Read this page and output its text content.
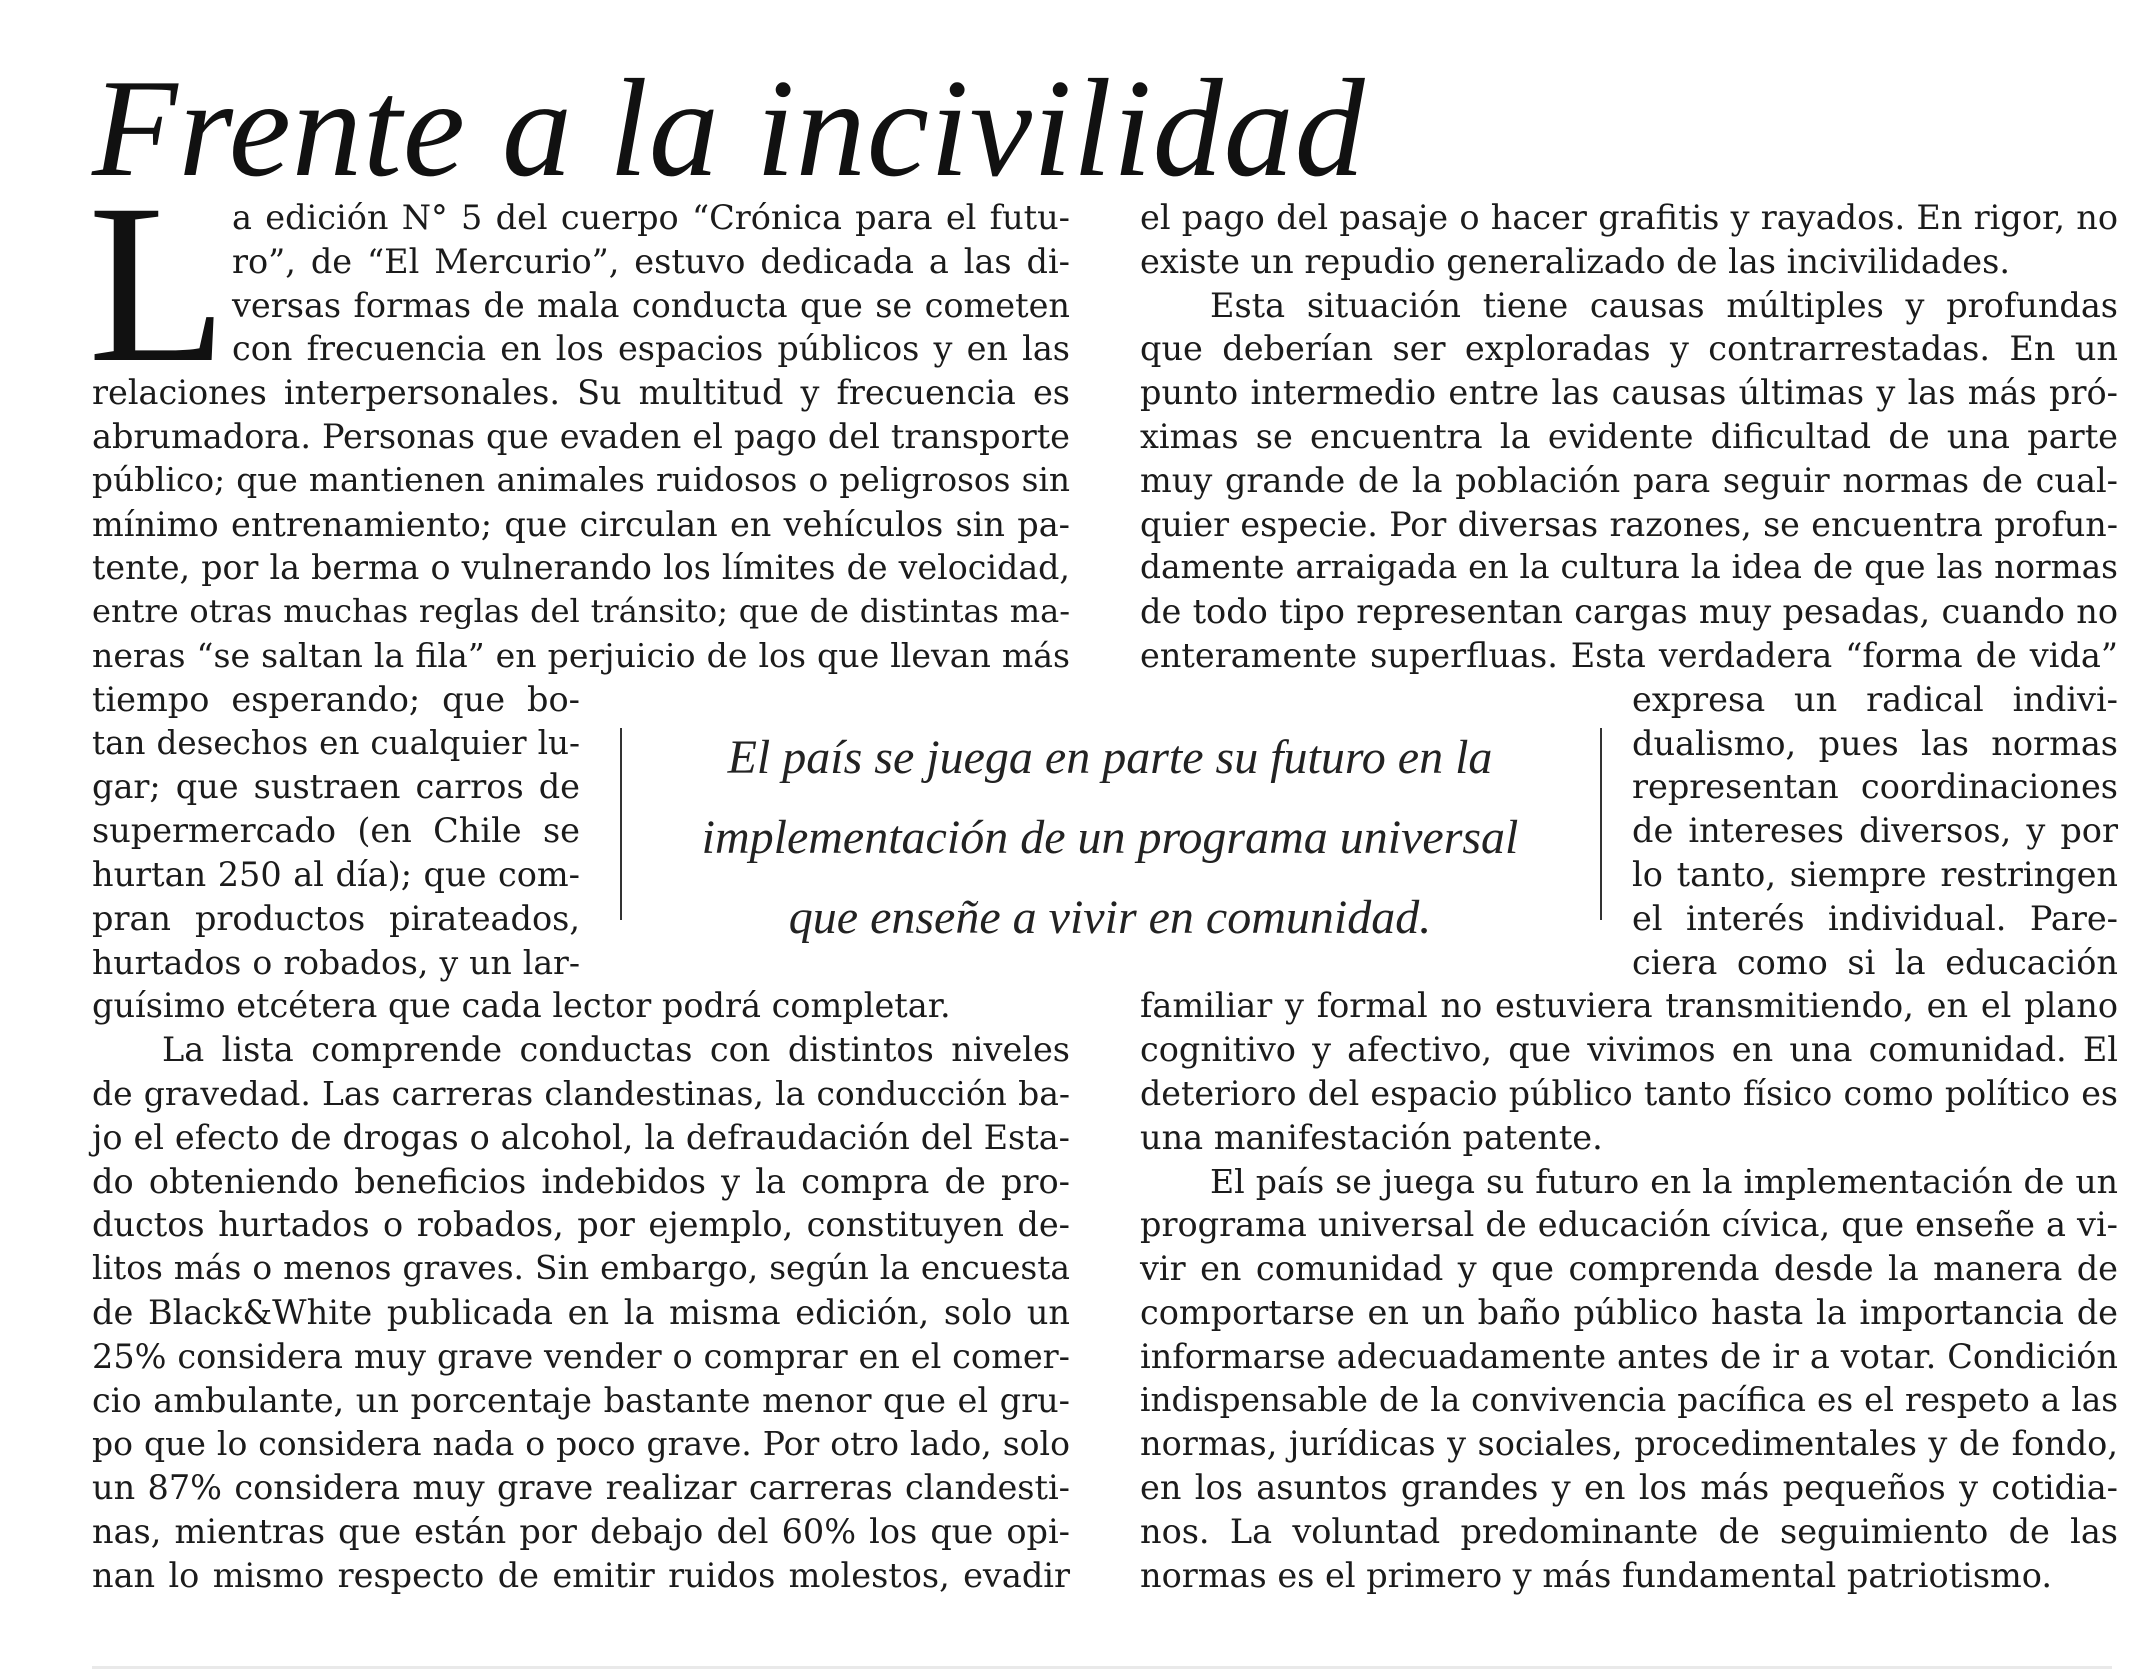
Frente a la incivilidad
L a edición N° 5 del cuerpo “Crónica para el futu-
ro”, de “El Mercurio”, estuvo dedicada a las di-
versas formas de mala conducta que se cometen
con frecuencia en los espacios públicos y en las
relaciones interpersonales. Su multitud y frecuencia es
abrumadora. Personas que evaden el pago del transporte
público; que mantienen animales ruidosos o peligrosos sin
mínimo entrenamiento; que circulan en vehículos sin pa-
tente, por la berma o vulnerando los límites de velocidad,
entre otras muchas reglas del tránsito; que de distintas ma-
neras “se saltan la fila” en perjuicio de los que llevan más
tiempo esperando; que bo-
tan desechos en cualquier lu-
gar; que sustraen carros de
supermercado (en Chile se
hurtan 250 al día); que com-
pran productos pirateados,
hurtados o robados, y un lar-
guísimo etcétera que cada lector podrá completar.
La lista comprende conductas con distintos niveles
de gravedad. Las carreras clandestinas, la conducción ba-
jo el efecto de drogas o alcohol, la defraudación del Esta-
do obteniendo beneficios indebidos y la compra de pro-
ductos hurtados o robados, por ejemplo, constituyen de-
litos más o menos graves. Sin embargo, según la encuesta
de Black&White publicada en la misma edición, solo un
25% considera muy grave vender o comprar en el comer-
cio ambulante, un porcentaje bastante menor que el gru-
po que lo considera nada o poco grave. Por otro lado, solo
un 87% considera muy grave realizar carreras clandesti-
nas, mientras que están por debajo del 60% los que opi-
nan lo mismo respecto de emitir ruidos molestos, evadir
el pago del pasaje o hacer grafitis y rayados. En rigor, no
existe un repudio generalizado de las incivilidades.
Esta situación tiene causas múltiples y profundas
que deberían ser exploradas y contrarrestadas. En un
punto intermedio entre las causas últimas y las más pró-
ximas se encuentra la evidente dificultad de una parte
muy grande de la población para seguir normas de cual-
quier especie. Por diversas razones, se encuentra profun-
damente arraigada en la cultura la idea de que las normas
de todo tipo representan cargas muy pesadas, cuando no
enteramente superfluas. Esta verdadera “forma de vida”
expresa un radical indivi-
dualismo, pues las normas
representan coordinaciones
de intereses diversos, y por
lo tanto, siempre restringen
el interés individual. Pare-
ciera como si la educación
familiar y formal no estuviera transmitiendo, en el plano
cognitivo y afectivo, que vivimos en una comunidad. El
deterioro del espacio público tanto físico como político es
una manifestación patente.
El país se juega su futuro en la implementación de un
programa universal de educación cívica, que enseñe a vi-
vir en comunidad y que comprenda desde la manera de
comportarse en un baño público hasta la importancia de
informarse adecuadamente antes de ir a votar. Condición
indispensable de la convivencia pacífica es el respeto a las
normas, jurídicas y sociales, procedimentales y de fondo,
en los asuntos grandes y en los más pequeños y cotidia-
nos. La voluntad predominante de seguimiento de las
normas es el primero y más fundamental patriotismo.
El país se juega en parte su futuro en la
implementación de un programa universal
que enseñe a vivir en comunidad.
